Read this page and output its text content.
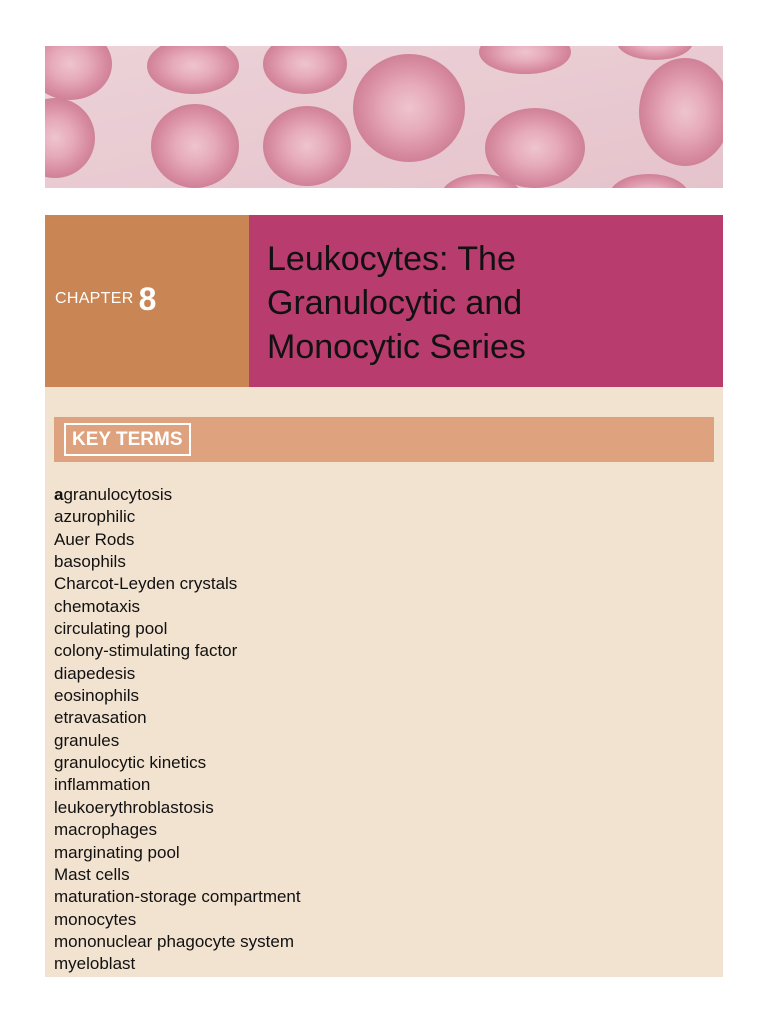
CHAPTER 8
Leukocytes: The
Granulocytic and
Monocytic Series
KEY TERMS
agranulocytosis
azurophilic
Auer Rods
basophils
Charcot-Leyden crystals
chemotaxis
circulating pool
colony-stimulating factor
diapedesis
eosinophils
etravasation
granules
granulocytic kinetics
inflammation
leukoerythroblastosis
macrophages
marginating pool
Mast cells
maturation-storage compartment
monocytes
mononuclear phagocyte system
myeloblast
